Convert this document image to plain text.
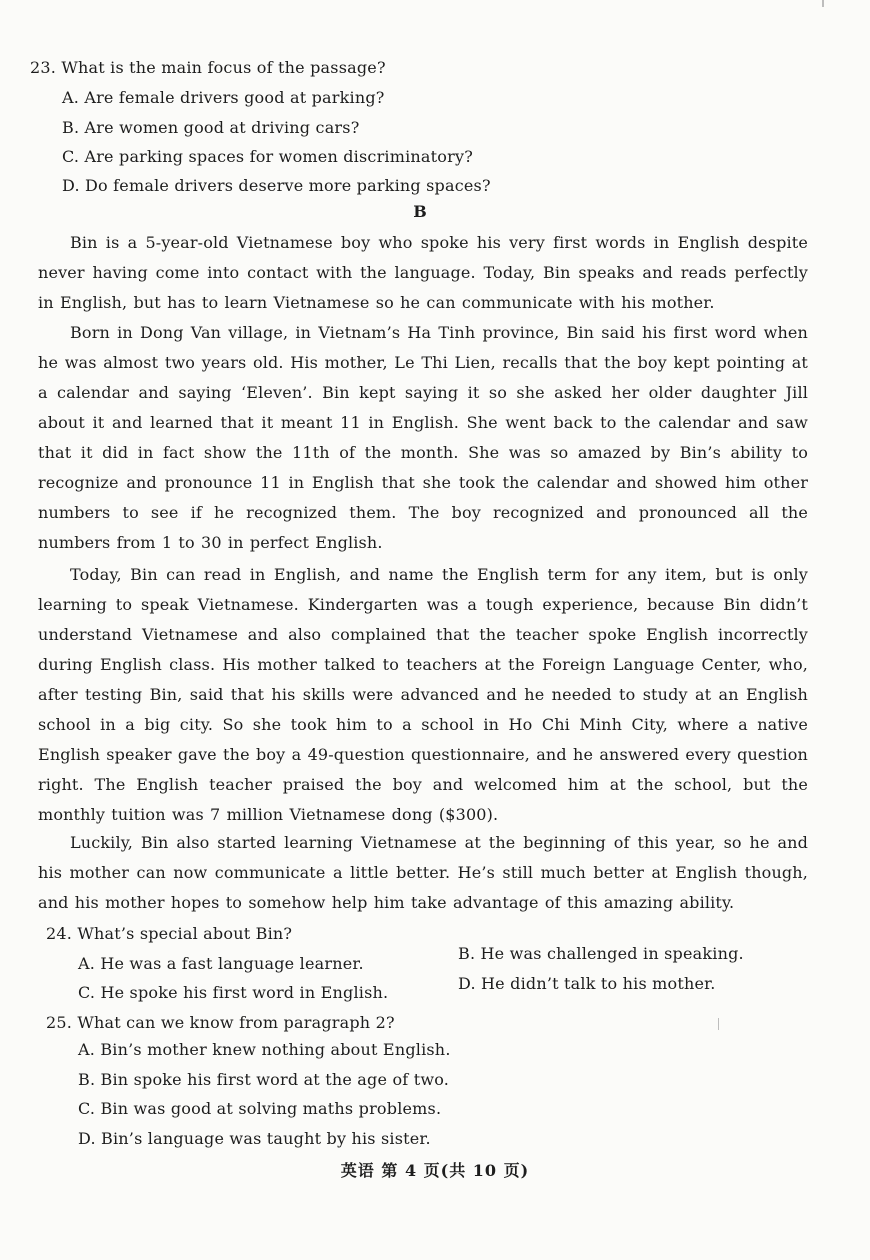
23. What is the main focus of the passage?
A. Are female drivers good at parking?
B. Are women good at driving cars?
C. Are parking spaces for women discriminatory?
D. Do female drivers deserve more parking spaces?
B
Bin is a 5-year-old Vietnamese boy who spoke his very first words in English despite never having come into contact with the language. Today, Bin speaks and reads perfectly in English, but has to learn Vietnamese so he can communicate with his mother.
Born in Dong Van village, in Vietnam’s Ha Tinh province, Bin said his first word when he was almost two years old. His mother, Le Thi Lien, recalls that the boy kept pointing at a calendar and saying ‘Eleven’. Bin kept saying it so she asked her older daughter Jill about it and learned that it meant 11 in English. She went back to the calendar and saw that it did in fact show the 11th of the month. She was so amazed by Bin’s ability to recognize and pronounce 11 in English that she took the calendar and showed him other numbers to see if he recognized them. The boy recognized and pronounced all the numbers from 1 to 30 in perfect English.
Today, Bin can read in English, and name the English term for any item, but is only learning to speak Vietnamese. Kindergarten was a tough experience, because Bin didn’t understand Vietnamese and also complained that the teacher spoke English incorrectly during English class. His mother talked to teachers at the Foreign Language Center, who, after testing Bin, said that his skills were advanced and he needed to study at an English school in a big city. So she took him to a school in Ho Chi Minh City, where a native English speaker gave the boy a 49-question questionnaire, and he answered every question right. The English teacher praised the boy and welcomed him at the school, but the monthly tuition was 7 million Vietnamese dong ($300).
Luckily, Bin also started learning Vietnamese at the beginning of this year, so he and his mother can now communicate a little better. He’s still much better at English though, and his mother hopes to somehow help him take advantage of this amazing ability.
24. What’s special about Bin?
A. He was a fast language learner.
B. He was challenged in speaking.
C. He spoke his first word in English.	D. He didn’t talk to his mother.
25. What can we know from paragraph 2?
A. Bin’s mother knew nothing about English.
B. Bin spoke his first word at the age of two.
C. Bin was good at solving maths problems.
D. Bin’s language was taught by his sister.
英语 第 4 页(共 10 页)
